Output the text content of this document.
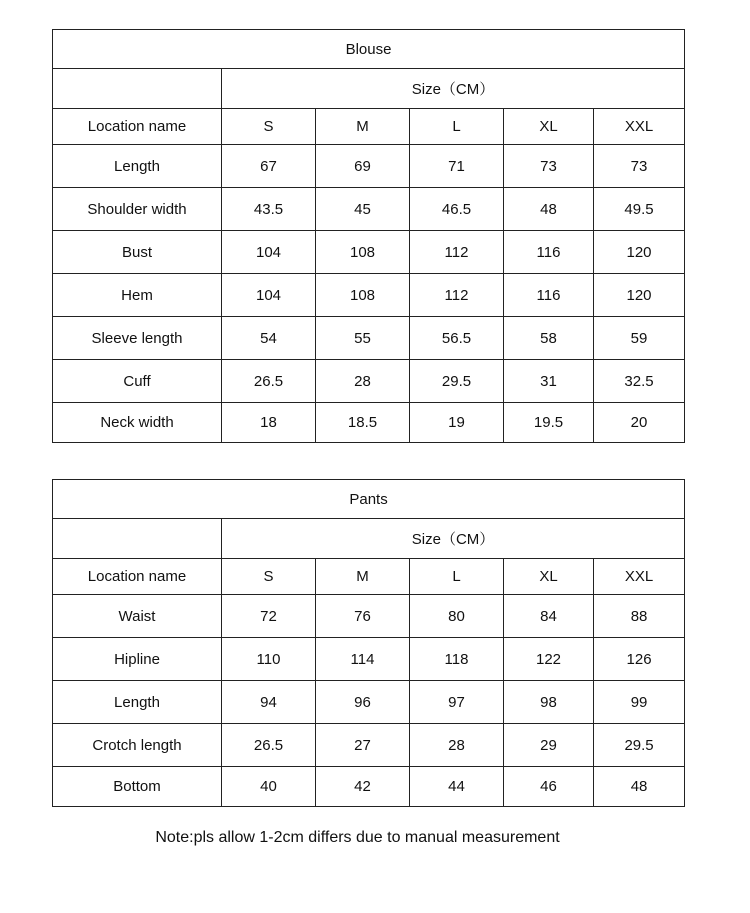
Blouse					
	Size（CM）				
Location name	S	M	L	XL	XXL
Length	67	69	71	73	73
Shoulder width	43.5	45	46.5	48	49.5
Bust	104	108	112	116	120
Hem	104	108	112	116	120
Sleeve length	54	55	56.5	58	59
Cuff	26.5	28	29.5	31	32.5
Neck width	18	18.5	19	19.5	20
Pants					
	Size（CM）				
Location name	S	M	L	XL	XXL
Waist	72	76	80	84	88
Hipline	110	114	118	122	126
Length	94	96	97	98	99
Crotch length	26.5	27	28	29	29.5
Bottom	40	42	44	46	48
Note:pls allow 1-2cm differs due to manual measurement
